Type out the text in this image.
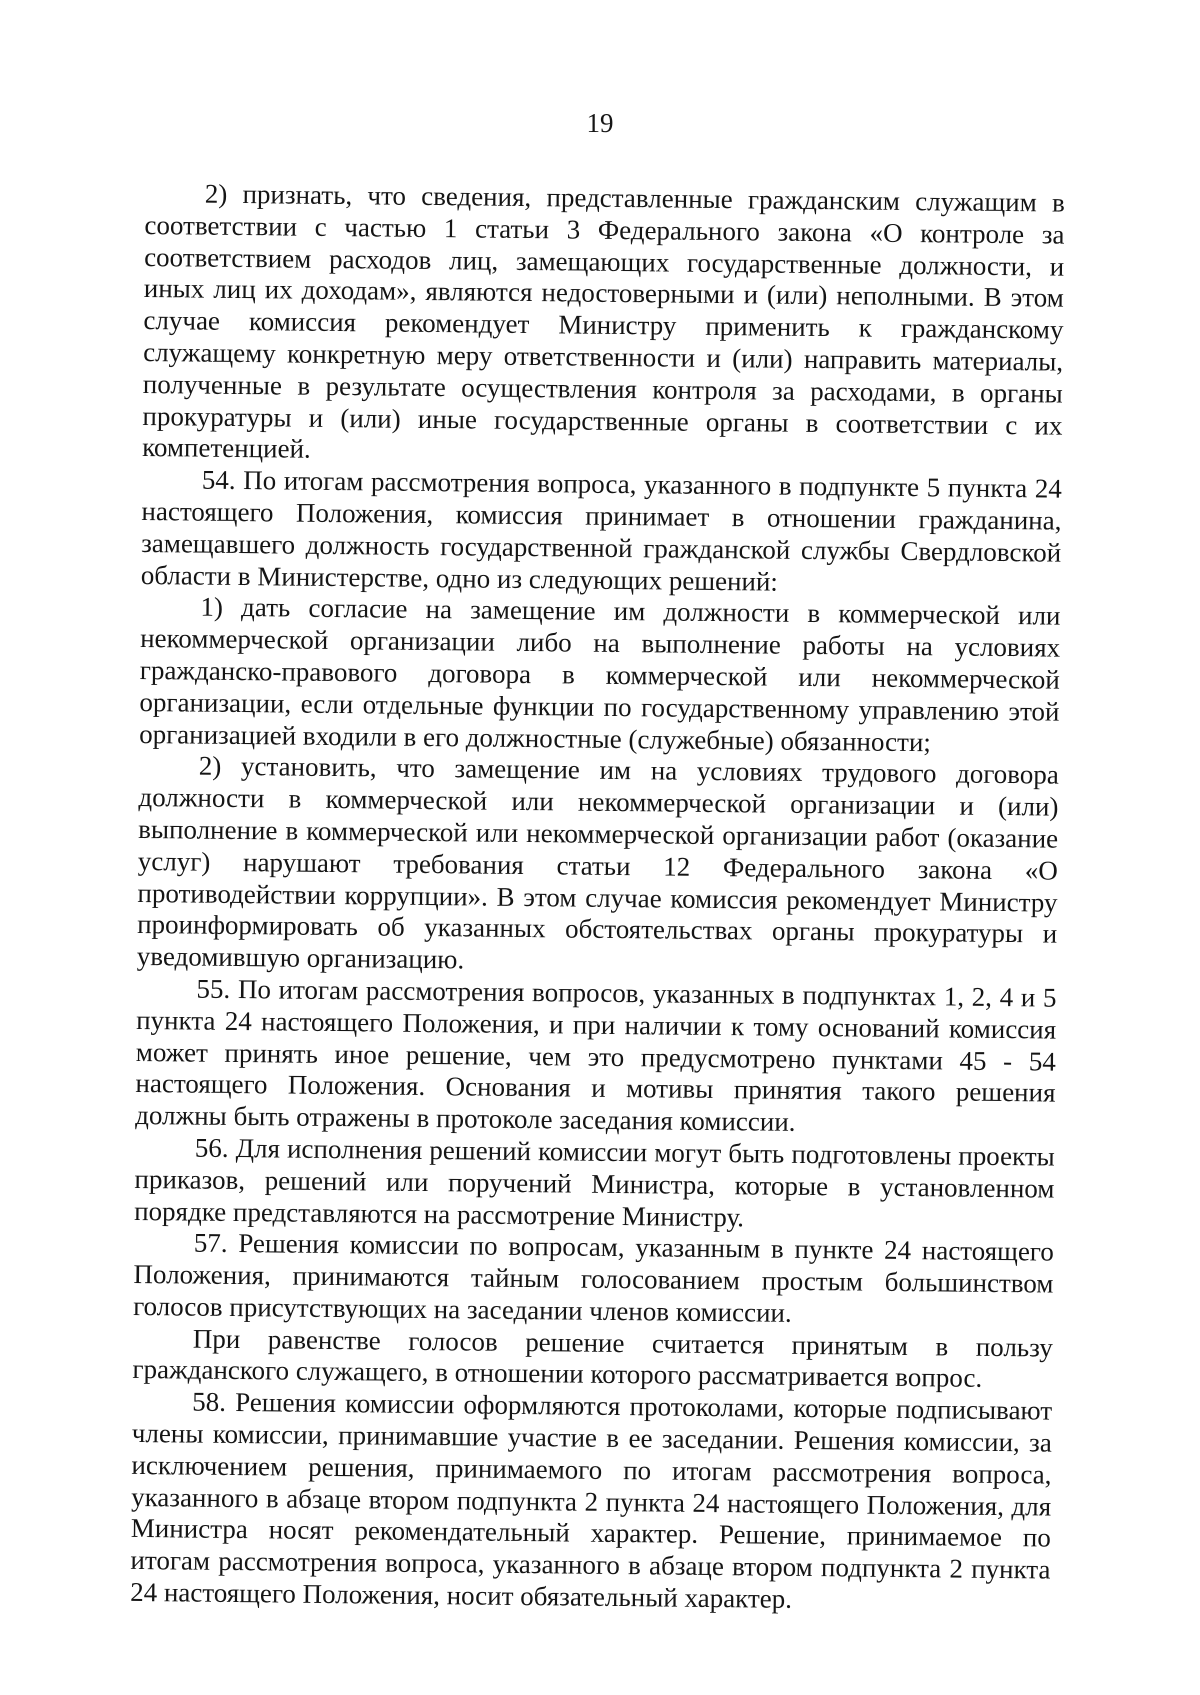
19

2) признать, что сведения, представленные гражданским служащим в соответствии с частью 1 статьи 3 Федерального закона «О контроле за соответствием расходов лиц, замещающих государственные должности, и иных лиц их доходам», являются недостоверными и (или) неполными. В этом случае комиссия рекомендует Министру применить к гражданскому служащему конкретную меру ответственности и (или) направить материалы, полученные в результате осуществления контроля за расходами, в органы прокуратуры и (или) иные государственные органы в соответствии с их компетенцией.

54. По итогам рассмотрения вопроса, указанного в подпункте 5 пункта 24 настоящего Положения, комиссия принимает в отношении гражданина, замещавшего должность государственной гражданской службы Свердловской области в Министерстве, одно из следующих решений:

1) дать согласие на замещение им должности в коммерческой или некоммерческой организации либо на выполнение работы на условиях гражданско-правового договора в коммерческой или некоммерческой организации, если отдельные функции по государственному управлению этой организацией входили в его должностные (служебные) обязанности;

2) установить, что замещение им на условиях трудового договора должности в коммерческой или некоммерческой организации и (или) выполнение в коммерческой или некоммерческой организации работ (оказание услуг) нарушают требования статьи 12 Федерального закона «О противодействии коррупции». В этом случае комиссия рекомендует Министру проинформировать об указанных обстоятельствах органы прокуратуры и уведомившую организацию.

55. По итогам рассмотрения вопросов, указанных в подпунктах 1, 2, 4 и 5 пункта 24 настоящего Положения, и при наличии к тому оснований комиссия может принять иное решение, чем это предусмотрено пунктами 45 - 54 настоящего Положения. Основания и мотивы принятия такого решения должны быть отражены в протоколе заседания комиссии.

56. Для исполнения решений комиссии могут быть подготовлены проекты приказов, решений или поручений Министра, которые в установленном порядке представляются на рассмотрение Министру.

57. Решения комиссии по вопросам, указанным в пункте 24 настоящего Положения, принимаются тайным голосованием простым большинством голосов присутствующих на заседании членов комиссии.

При равенстве голосов решение считается принятым в пользу гражданского служащего, в отношении которого рассматривается вопрос.

58. Решения комиссии оформляются протоколами, которые подписывают члены комиссии, принимавшие участие в ее заседании. Решения комиссии, за исключением решения, принимаемого по итогам рассмотрения вопроса, указанного в абзаце втором подпункта 2 пункта 24 настоящего Положения, для Министра носят рекомендательный характер. Решение, принимаемое по итогам рассмотрения вопроса, указанного в абзаце втором подпункта 2 пункта 24 настоящего Положения, носит обязательный характер.
